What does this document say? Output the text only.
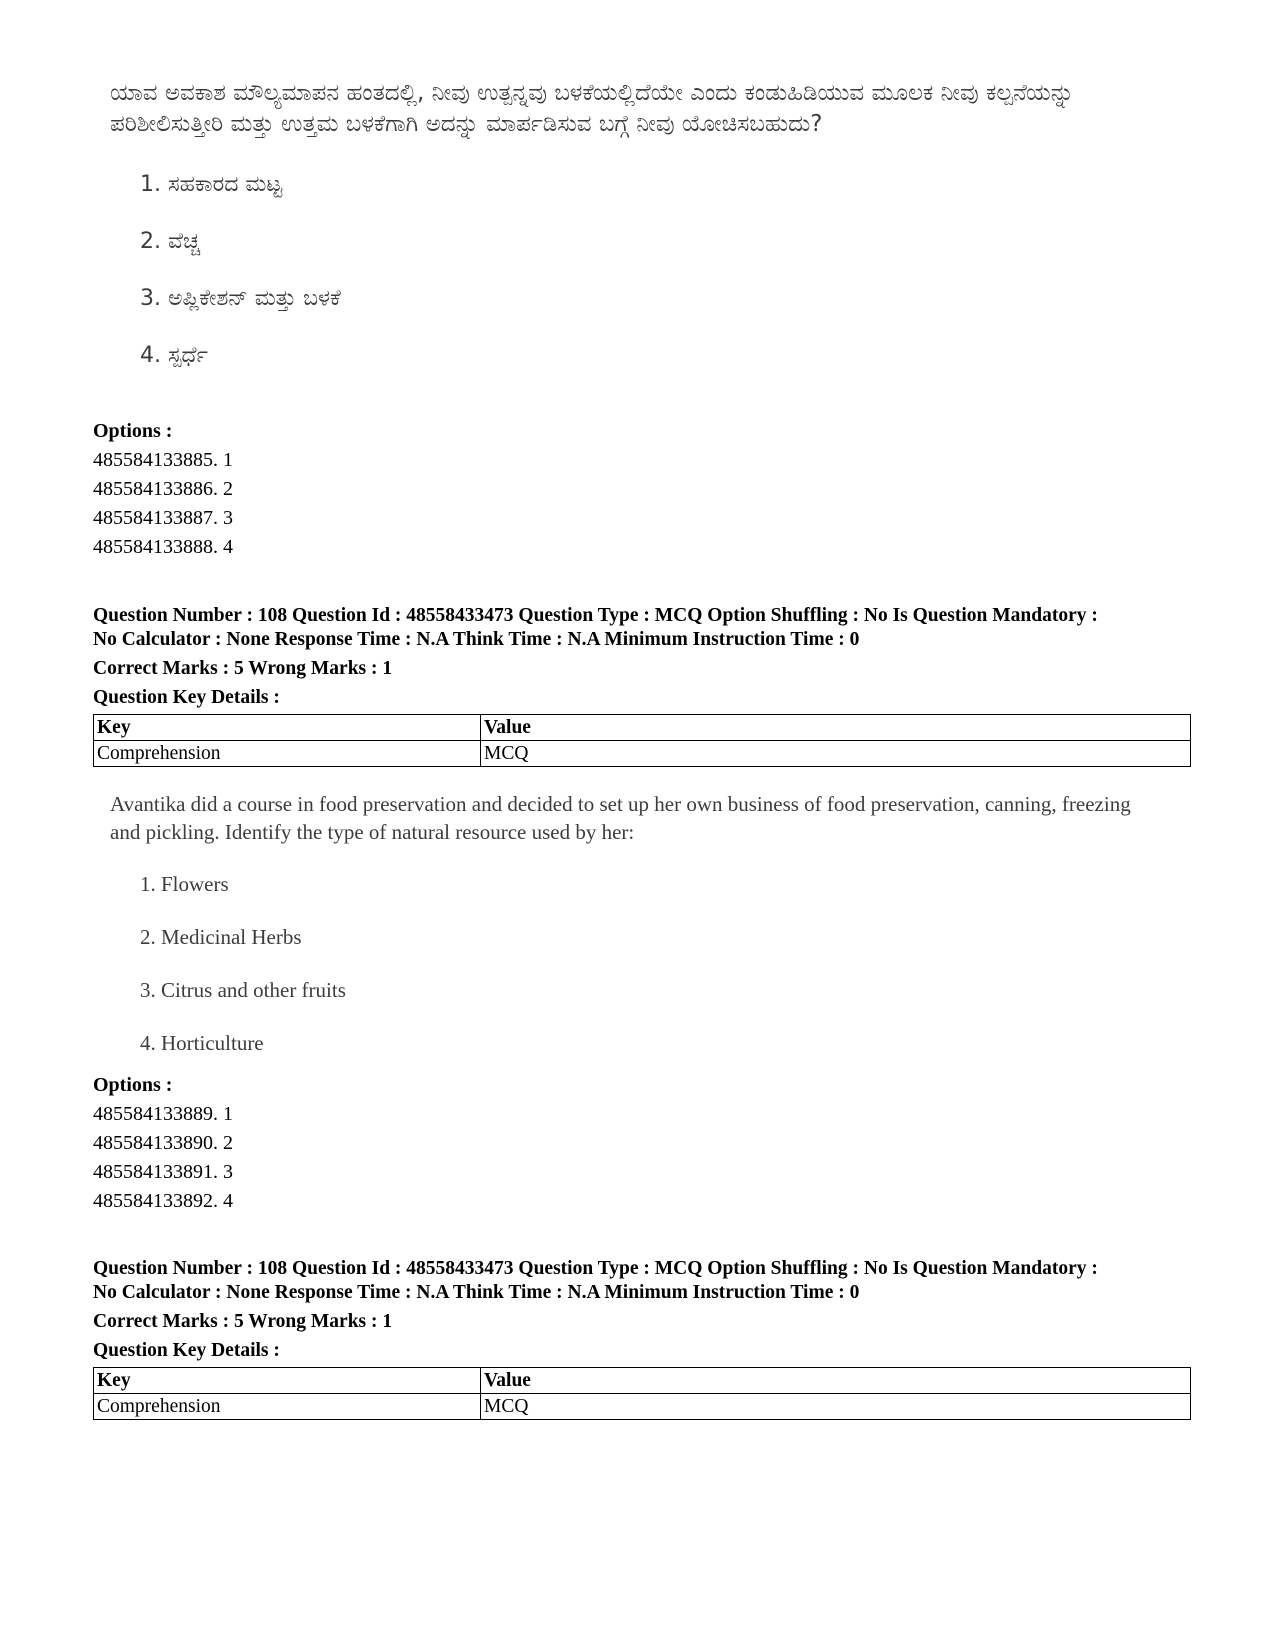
ಯಾವ ಅವಕಾಶ ಮೌಲ್ಯಮಾಪನ ಹಂತದಲ್ಲಿ, ನೀವು ಉತ್ಪನ್ನವು ಬಳಕೆಯಲ್ಲಿದೆಯೇ ಎಂದು ಕಂಡುಹಿಡಿಯುವ ಮೂಲಕ ನೀವು ಕಲ್ಪನೆಯನ್ನು ಪರಿಶೀಲಿಸುತ್ತೀರಿ ಮತ್ತು ಉತ್ತಮ ಬಳಕೆಗಾಗಿ ಅದನ್ನು ಮಾರ್ಪಡಿಸುವ ಬಗ್ಗೆ ನೀವು ಯೋಚಿಸಬಹುದು?

1. ಸಹಕಾರದ ಮಟ್ಟ
2. ವೆಚ್ಚ
3. ಅಪ್ಲಿಕೇಶನ್ ಮತ್ತು ಬಳಕೆ
4. ಸ್ಪರ್ಧೆ
Options :
485584133885. 1
485584133886. 2
485584133887. 3
485584133888. 4
Question Number : 108 Question Id : 48558433473 Question Type : MCQ Option Shuffling : No Is Question Mandatory :
No Calculator : None Response Time : N.A Think Time : N.A Minimum Instruction Time : 0
Correct Marks : 5 Wrong Marks : 1
Question Key Details :
Key	Value
Comprehension	MCQ

Avantika did a course in food preservation and decided to set up her own business of food preservation, canning, freezing and pickling. Identify the type of natural resource used by her:

1. Flowers
2. Medicinal Herbs
3. Citrus and other fruits
4. Horticulture
Options :
485584133889. 1
485584133890. 2
485584133891. 3
485584133892. 4
Question Number : 108 Question Id : 48558433473 Question Type : MCQ Option Shuffling : No Is Question Mandatory :
No Calculator : None Response Time : N.A Think Time : N.A Minimum Instruction Time : 0
Correct Marks : 5 Wrong Marks : 1
Question Key Details :
Key	Value
Comprehension	MCQ
